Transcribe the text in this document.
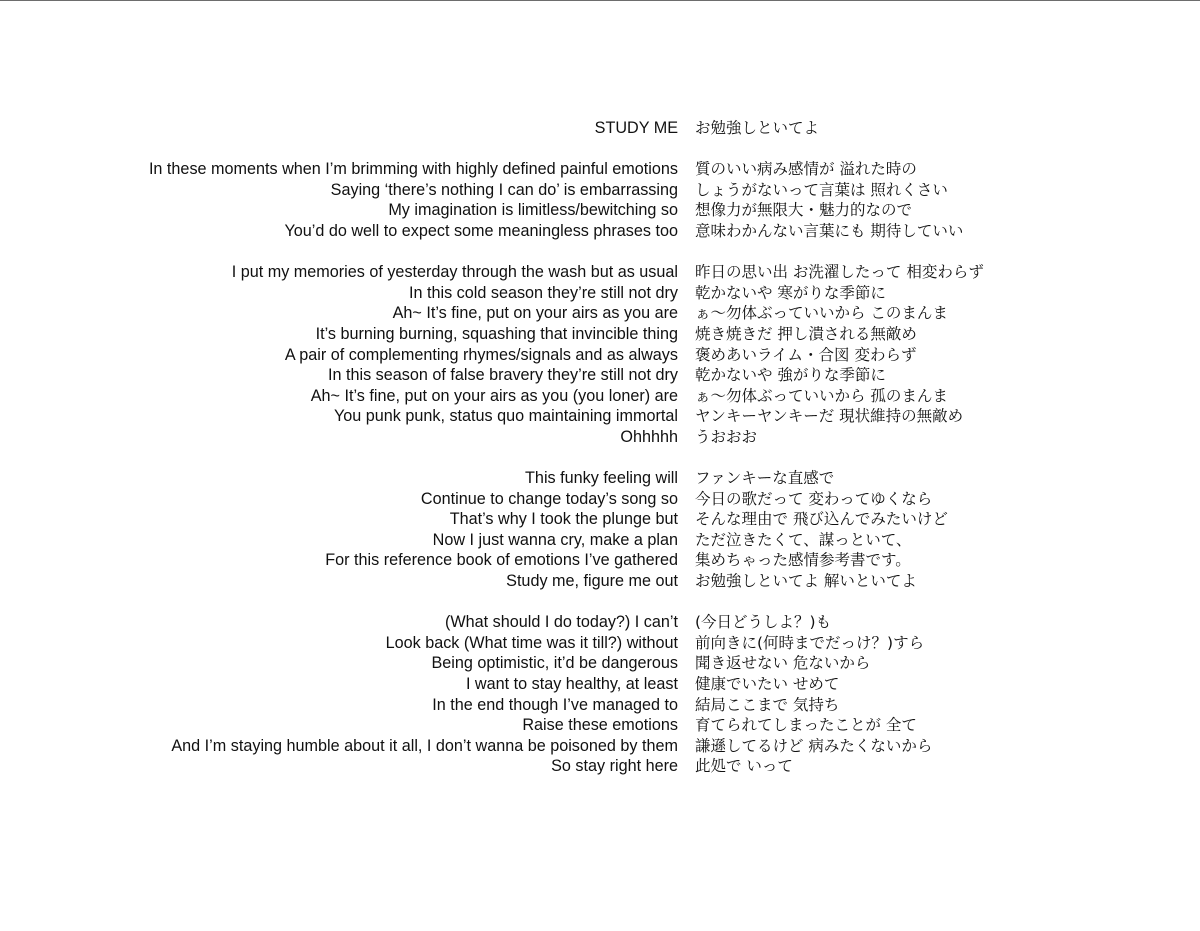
STUDY ME	お勉強しといてよ
In these moments when I’m brimming with highly defined painful emotions	質のいい病み感情が 溢れた時の
Saying ‘there’s nothing I can do’ is embarrassing	しょうがないって言葉は 照れくさい
My imagination is limitless/bewitching so	想像力が無限大・魅力的なので
You’d do well to expect some meaningless phrases too	意味わかんない言葉にも 期待していい
I put my memories of yesterday through the wash but as usual	昨日の思い出 お洗濯したって 相変わらず
In this cold season they’re still not dry	乾かないや 寒がりな季節に
Ah~ It’s fine, put on your airs as you are	ぁ〜勿体ぶっていいから このまんま
It’s burning burning, squashing that invincible thing	焼き焼きだ 押し潰される無敵め
A pair of complementing rhymes/signals and as always	褒めあいライム・合図 変わらず
In this season of false bravery they’re still not dry	乾かないや 強がりな季節に
Ah~ It’s fine, put on your airs as you (you loner) are	ぁ〜勿体ぶっていいから 孤のまんま
You punk punk, status quo maintaining immortal	ヤンキーヤンキーだ 現状維持の無敵め
Ohhhhh	うおおお
This funky feeling will	ファンキーな直感で
Continue to change today’s song so	今日の歌だって 変わってゆくなら
That’s why I took the plunge but	そんな理由で 飛び込んでみたいけど
Now I just wanna cry, make a plan	ただ泣きたくて、謀っといて、
For this reference book of emotions I’ve gathered	集めちゃった感情参考書です。
Study me, figure me out	お勉強しといてよ 解いといてよ
(What should I do today?) I can’t	(今日どうしよ？)も
Look back (What time was it till?) without	前向きに(何時までだっけ？)すら
Being optimistic, it’d be dangerous	聞き返せない 危ないから
I want to stay healthy, at least	健康でいたい せめて
In the end though I’ve managed to	結局ここまで 気持ち
Raise these emotions	育てられてしまったことが 全て
And I’m staying humble about it all, I don’t wanna be poisoned by them	謙遜してるけど 病みたくないから
So stay right here	此処で いって
